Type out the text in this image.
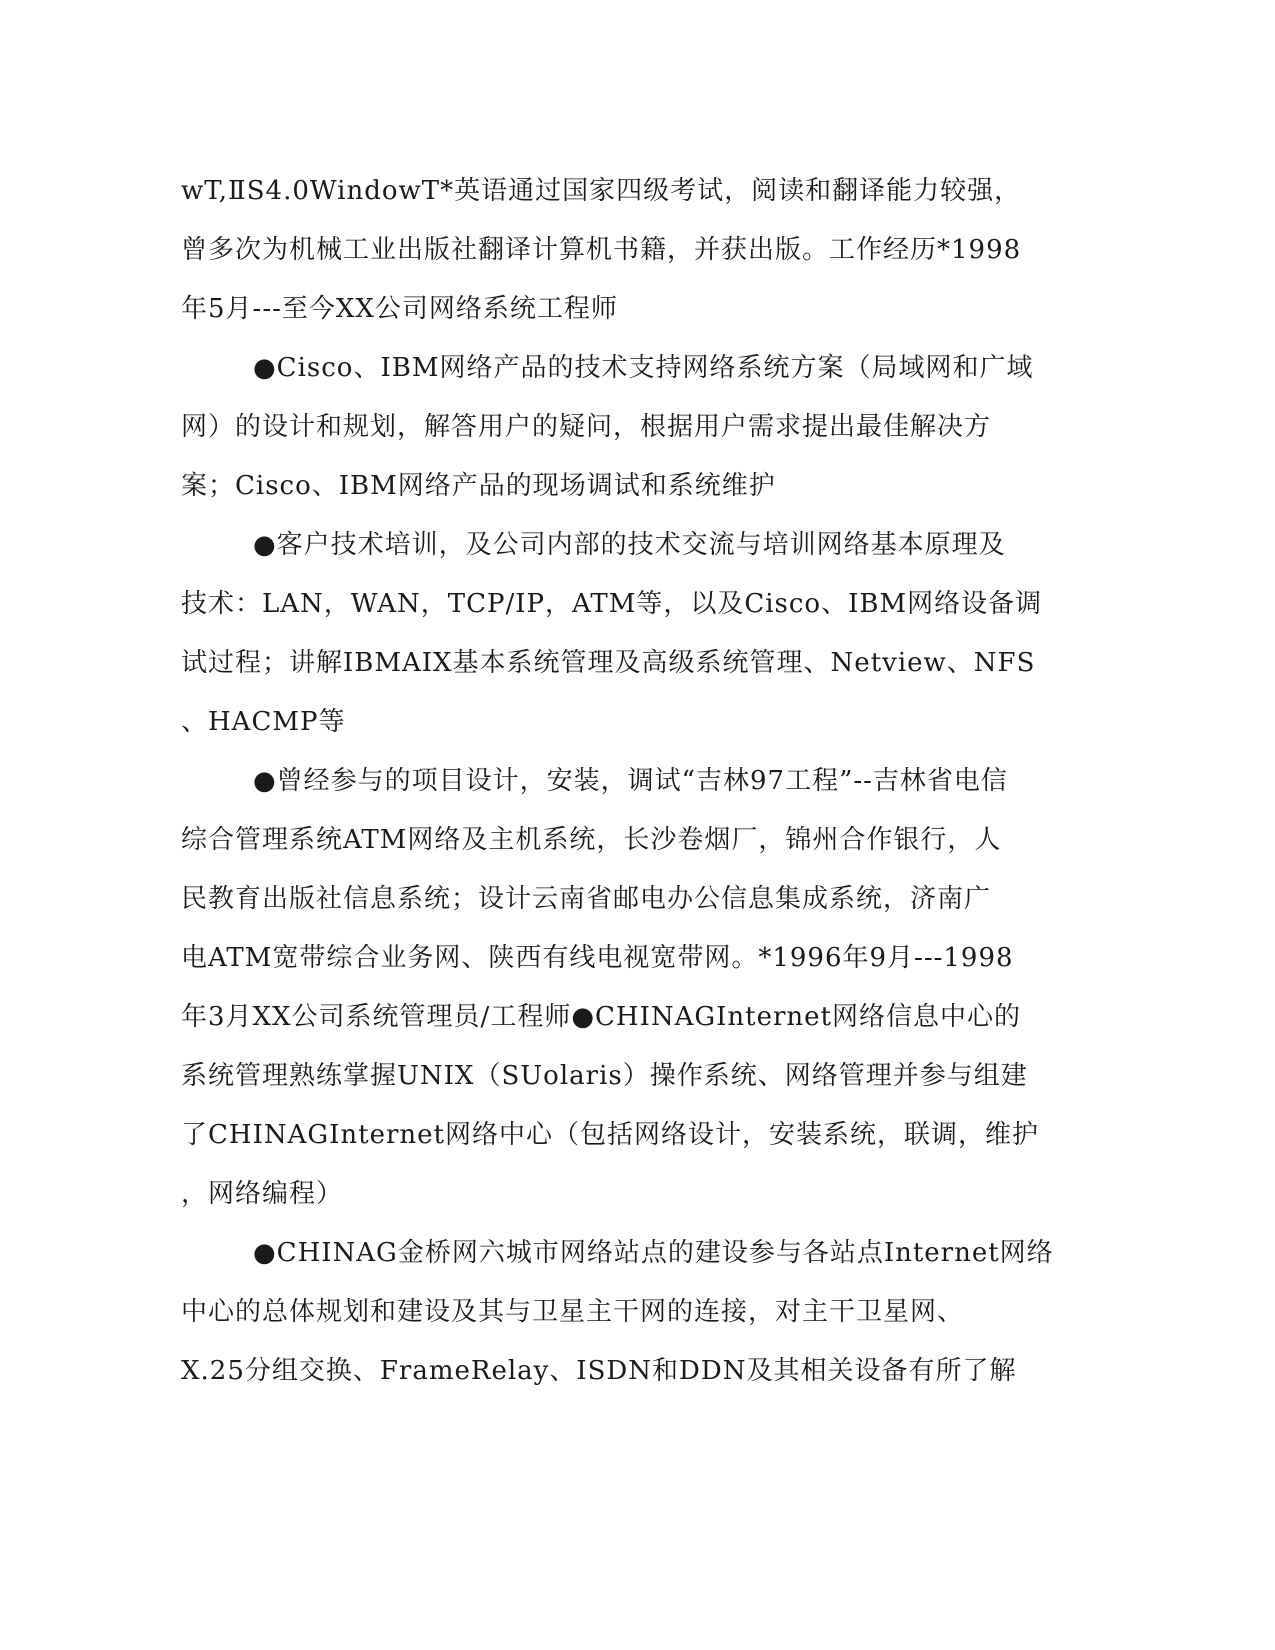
wT,ⅡS4.0WindowT*英语通过国家四级考试，阅读和翻译能力较强，
曾多次为机械工业出版社翻译计算机书籍，并获出版。工作经历*1998
年5月---至今XX公司网络系统工程师

●Cisco、IBM网络产品的技术支持网络系统方案（局域网和广域
网）的设计和规划，解答用户的疑问，根据用户需求提出最佳解决方
案；Cisco、IBM网络产品的现场调试和系统维护

●客户技术培训，及公司内部的技术交流与培训网络基本原理及
技术：LAN，WAN，TCP/IP，ATM等，以及Cisco、IBM网络设备调
试过程；讲解IBMAIX基本系统管理及高级系统管理、Netview、NFS
、HACMP等

●曾经参与的项目设计，安装，调试“吉林97工程”--吉林省电信
综合管理系统ATM网络及主机系统，长沙卷烟厂，锦州合作银行，人
民教育出版社信息系统；设计云南省邮电办公信息集成系统，济南广
电ATM宽带综合业务网、陕西有线电视宽带网。*1996年9月---1998
年3月XX公司系统管理员/工程师●CHINAGInternet网络信息中心的
系统管理熟练掌握UNIX（SUolaris）操作系统、网络管理并参与组建
了CHINAGInternet网络中心（包括网络设计，安装系统，联调，维护
，网络编程）

●CHINAG金桥网六城市网络站点的建设参与各站点Internet网络
中心的总体规划和建设及其与卫星主干网的连接，对主干卫星网、
X.25分组交换、FrameRelay、ISDN和DDN及其相关设备有所了解
